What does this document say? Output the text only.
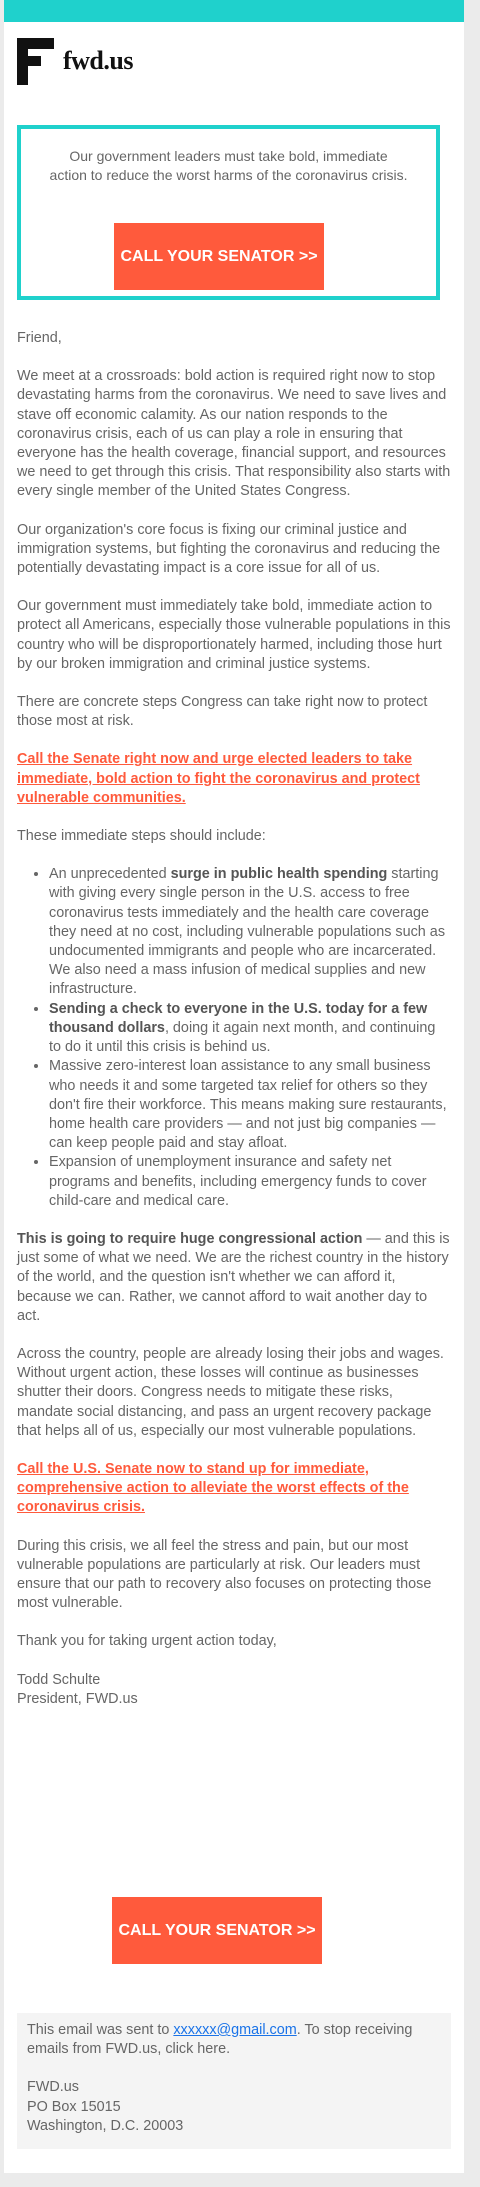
fwd.us
Our government leaders must take bold, immediate action to reduce the worst harms of the coronavirus crisis.
CALL YOUR SENATOR >>

Friend,

We meet at a crossroads: bold action is required right now to stop devastating harms from the coronavirus. We need to save lives and stave off economic calamity. As our nation responds to the coronavirus crisis, each of us can play a role in ensuring that everyone has the health coverage, financial support, and resources we need to get through this crisis. That responsibility also starts with every single member of the United States Congress.

Our organization's core focus is fixing our criminal justice and immigration systems, but fighting the coronavirus and reducing the potentially devastating impact is a core issue for all of us.

Our government must immediately take bold, immediate action to protect all Americans, especially those vulnerable populations in this country who will be disproportionately harmed, including those hurt by our broken immigration and criminal justice systems.

There are concrete steps Congress can take right now to protect those most at risk.

Call the Senate right now and urge elected leaders to take immediate, bold action to fight the coronavirus and protect vulnerable communities.

These immediate steps should include:

• An unprecedented surge in public health spending starting with giving every single person in the U.S. access to free coronavirus tests immediately and the health care coverage they need at no cost, including vulnerable populations such as undocumented immigrants and people who are incarcerated. We also need a mass infusion of medical supplies and new infrastructure.
• Sending a check to everyone in the U.S. today for a few thousand dollars, doing it again next month, and continuing to do it until this crisis is behind us.
• Massive zero-interest loan assistance to any small business who needs it and some targeted tax relief for others so they don't fire their workforce. This means making sure restaurants, home health care providers — and not just big companies — can keep people paid and stay afloat.
• Expansion of unemployment insurance and safety net programs and benefits, including emergency funds to cover child-care and medical care.

This is going to require huge congressional action — and this is just some of what we need. We are the richest country in the history of the world, and the question isn't whether we can afford it, because we can. Rather, we cannot afford to wait another day to act.

Across the country, people are already losing their jobs and wages. Without urgent action, these losses will continue as businesses shutter their doors. Congress needs to mitigate these risks, mandate social distancing, and pass an urgent recovery package that helps all of us, especially our most vulnerable populations.

Call the U.S. Senate now to stand up for immediate, comprehensive action to alleviate the worst effects of the coronavirus crisis.

During this crisis, we all feel the stress and pain, but our most vulnerable populations are particularly at risk. Our leaders must ensure that our path to recovery also focuses on protecting those most vulnerable.

Thank you for taking urgent action today,

Todd Schulte
President, FWD.us

CALL YOUR SENATOR >>

This email was sent to xxxxxx@gmail.com. To stop receiving emails from FWD.us, click here.

FWD.us
PO Box 15015
Washington, D.C. 20003
